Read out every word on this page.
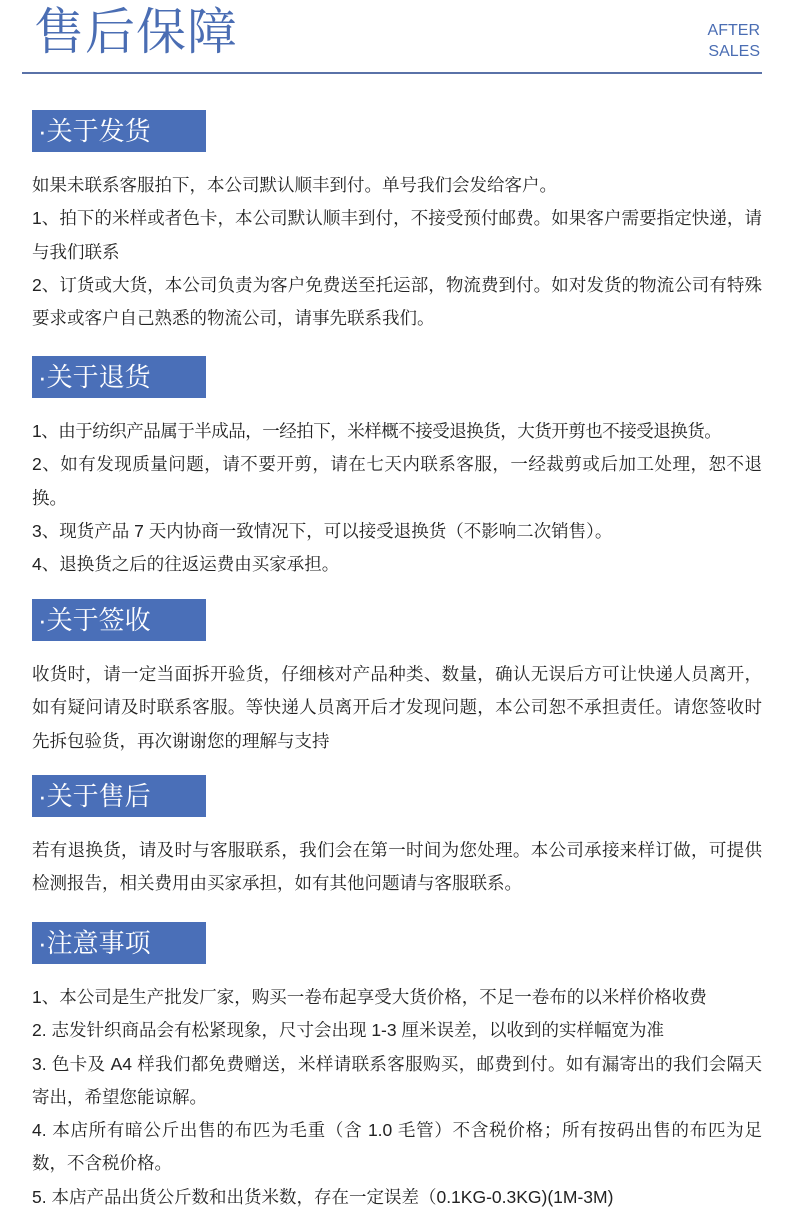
售后保障	AFTER
SALES
·关于发货

如果未联系客服拍下，本公司默认顺丰到付。单号我们会发给客户。

1、拍下的米样或者色卡，本公司默认顺丰到付，不接受预付邮费。如果客户需要指定快递，请与我们联系

2、订货或大货，本公司负责为客户免费送至托运部，物流费到付。如对发货的物流公司有特殊要求或客户自己熟悉的物流公司，请事先联系我们。

·关于退货

1、由于纺织产品属于半成品，一经拍下，米样概不接受退换货，大货开剪也不接受退换货。

2、如有发现质量问题，请不要开剪，请在七天内联系客服，一经裁剪或后加工处理，恕不退换。

3、现货产品 7 天内协商一致情况下，可以接受退换货（不影响二次销售）。

4、退换货之后的往返运费由买家承担。

·关于签收

收货时，请一定当面拆开验货，仔细核对产品种类、数量，确认无误后方可让快递人员离开，如有疑问请及时联系客服。等快递人员离开后才发现问题，本公司恕不承担责任。请您签收时先拆包验货，再次谢谢您的理解与支持

·关于售后

若有退换货，请及时与客服联系，我们会在第一时间为您处理。本公司承接来样订做，可提供检测报告，相关费用由买家承担，如有其他问题请与客服联系。

·注意事项

1、本公司是生产批发厂家，购买一卷布起享受大货价格，不足一卷布的以米样价格收费

2. 志发针织商品会有松紧现象，尺寸会出现 1-3 厘米误差，以收到的实样幅宽为准

3. 色卡及 A4 样我们都免费赠送，米样请联系客服购买，邮费到付。如有漏寄出的我们会隔天寄出，希望您能谅解。

4. 本店所有暗公斤出售的布匹为毛重（含 1.0 毛管）不含税价格；所有按码出售的布匹为足数，不含税价格。

5. 本店产品出货公斤数和出货米数，存在一定误差（0.1KG-0.3KG)(1M-3M)
